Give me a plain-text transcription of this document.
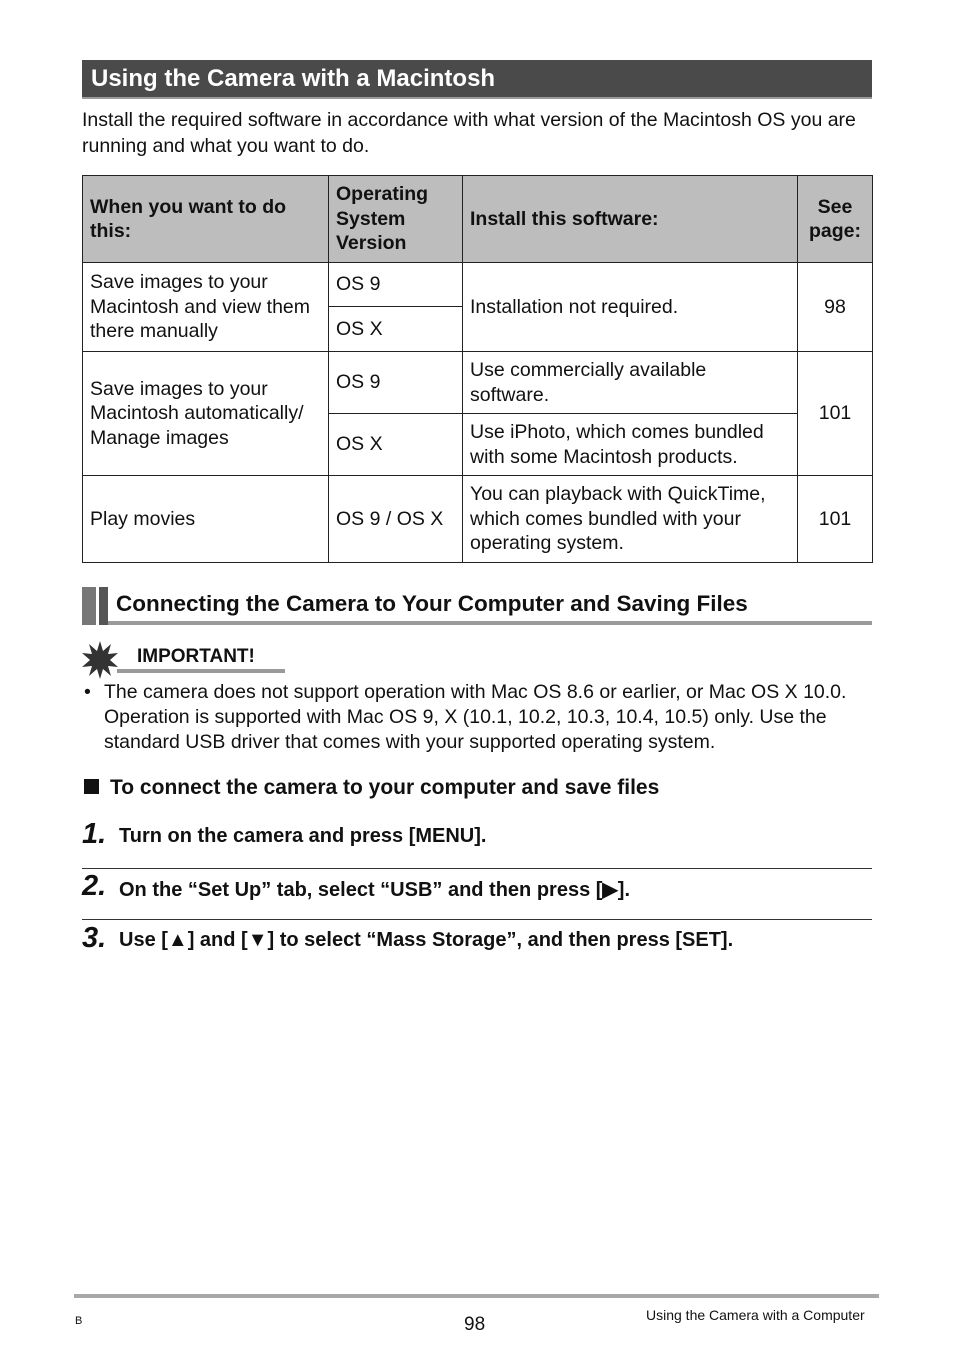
Using the Camera with a Macintosh
Install the required software in accordance with what version of the Macintosh OS you are running and what you want to do.
When you want to do this:	Operating System Version	Install this software:	See page:
Save images to your Macintosh and view them there manually	OS 9	Installation not required.	98
	OS X		
Save images to your Macintosh automatically/ Manage images	OS 9	Use commercially available software.	101
	OS X	Use iPhoto, which comes bundled with some Macintosh products.	
Play movies	OS 9 / OS X	You can playback with QuickTime, which comes bundled with your operating system.	101
Connecting the Camera to Your Computer and Saving Files
IMPORTANT!
• The camera does not support operation with Mac OS 8.6 or earlier, or Mac OS X 10.0. Operation is supported with Mac OS 9, X (10.1, 10.2, 10.3, 10.4, 10.5) only. Use the standard USB driver that comes with your supported operating system.
To connect the camera to your computer and save files
1. Turn on the camera and press [MENU].
2. On the “Set Up” tab, select “USB” and then press [▶].
3. Use [▲] and [▼] to select “Mass Storage”, and then press [SET].
B	98	Using the Camera with a Computer
